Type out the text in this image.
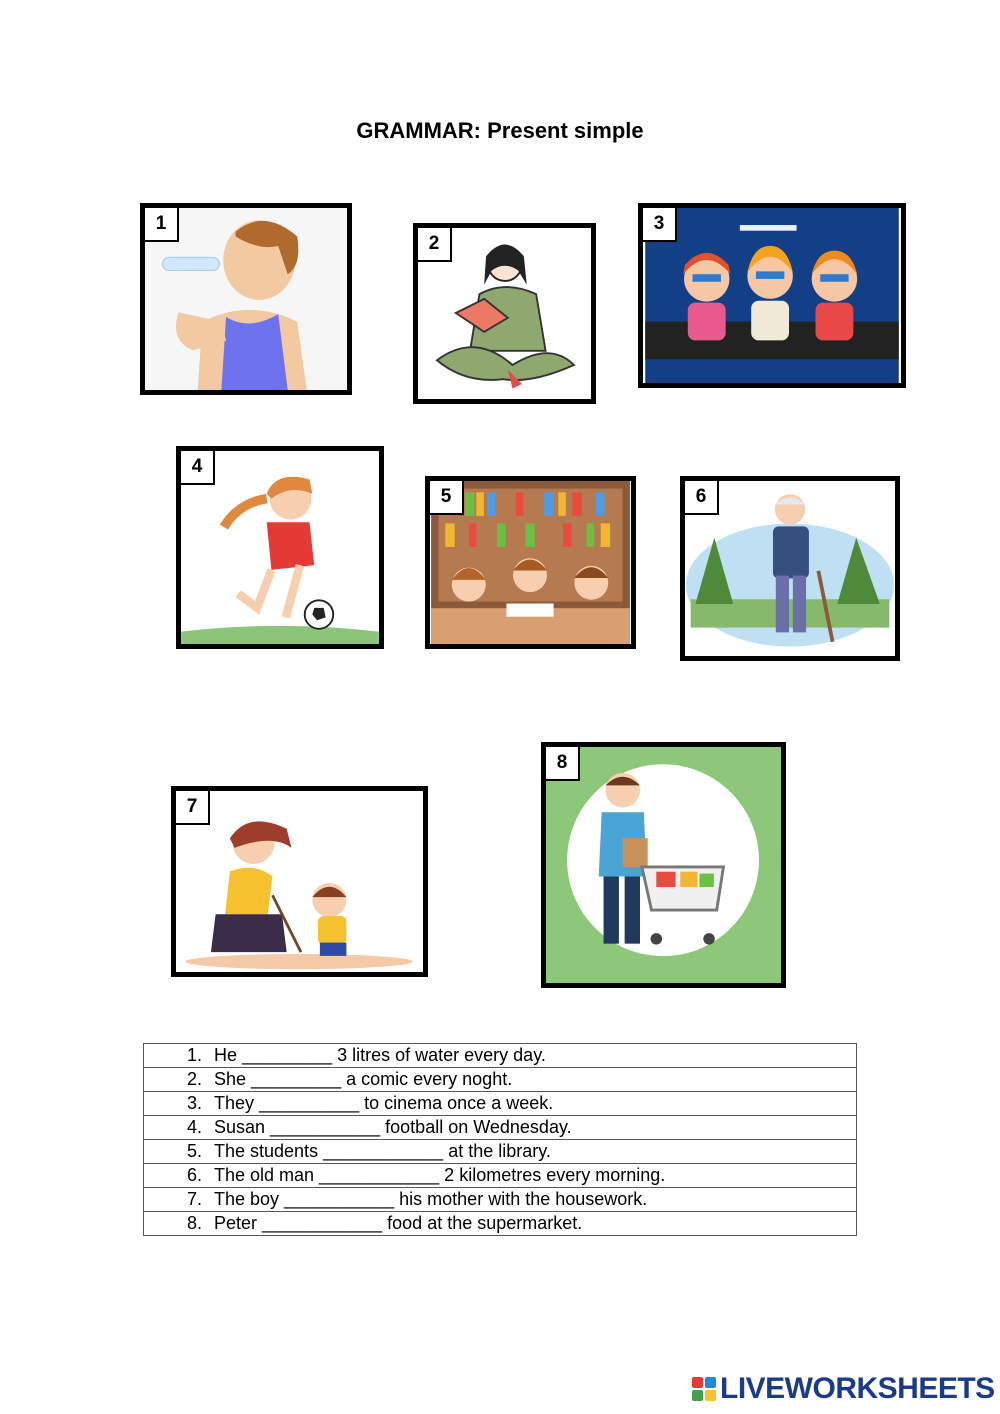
GRAMMAR: Present simple
1
2
3
4
5	6
7
8
1. He _________ 3 litres of water every day.
2. She _________ a comic every noght.
3. They __________ to cinema once a week.
4. Susan ___________ football on Wednesday.
5. The students ____________ at the library.
6. The old man ____________ 2 kilometres every morning.
7. The boy ___________ his mother with the housework.
8. Peter ____________ food at the supermarket.
LIVEWORKSHEETS
